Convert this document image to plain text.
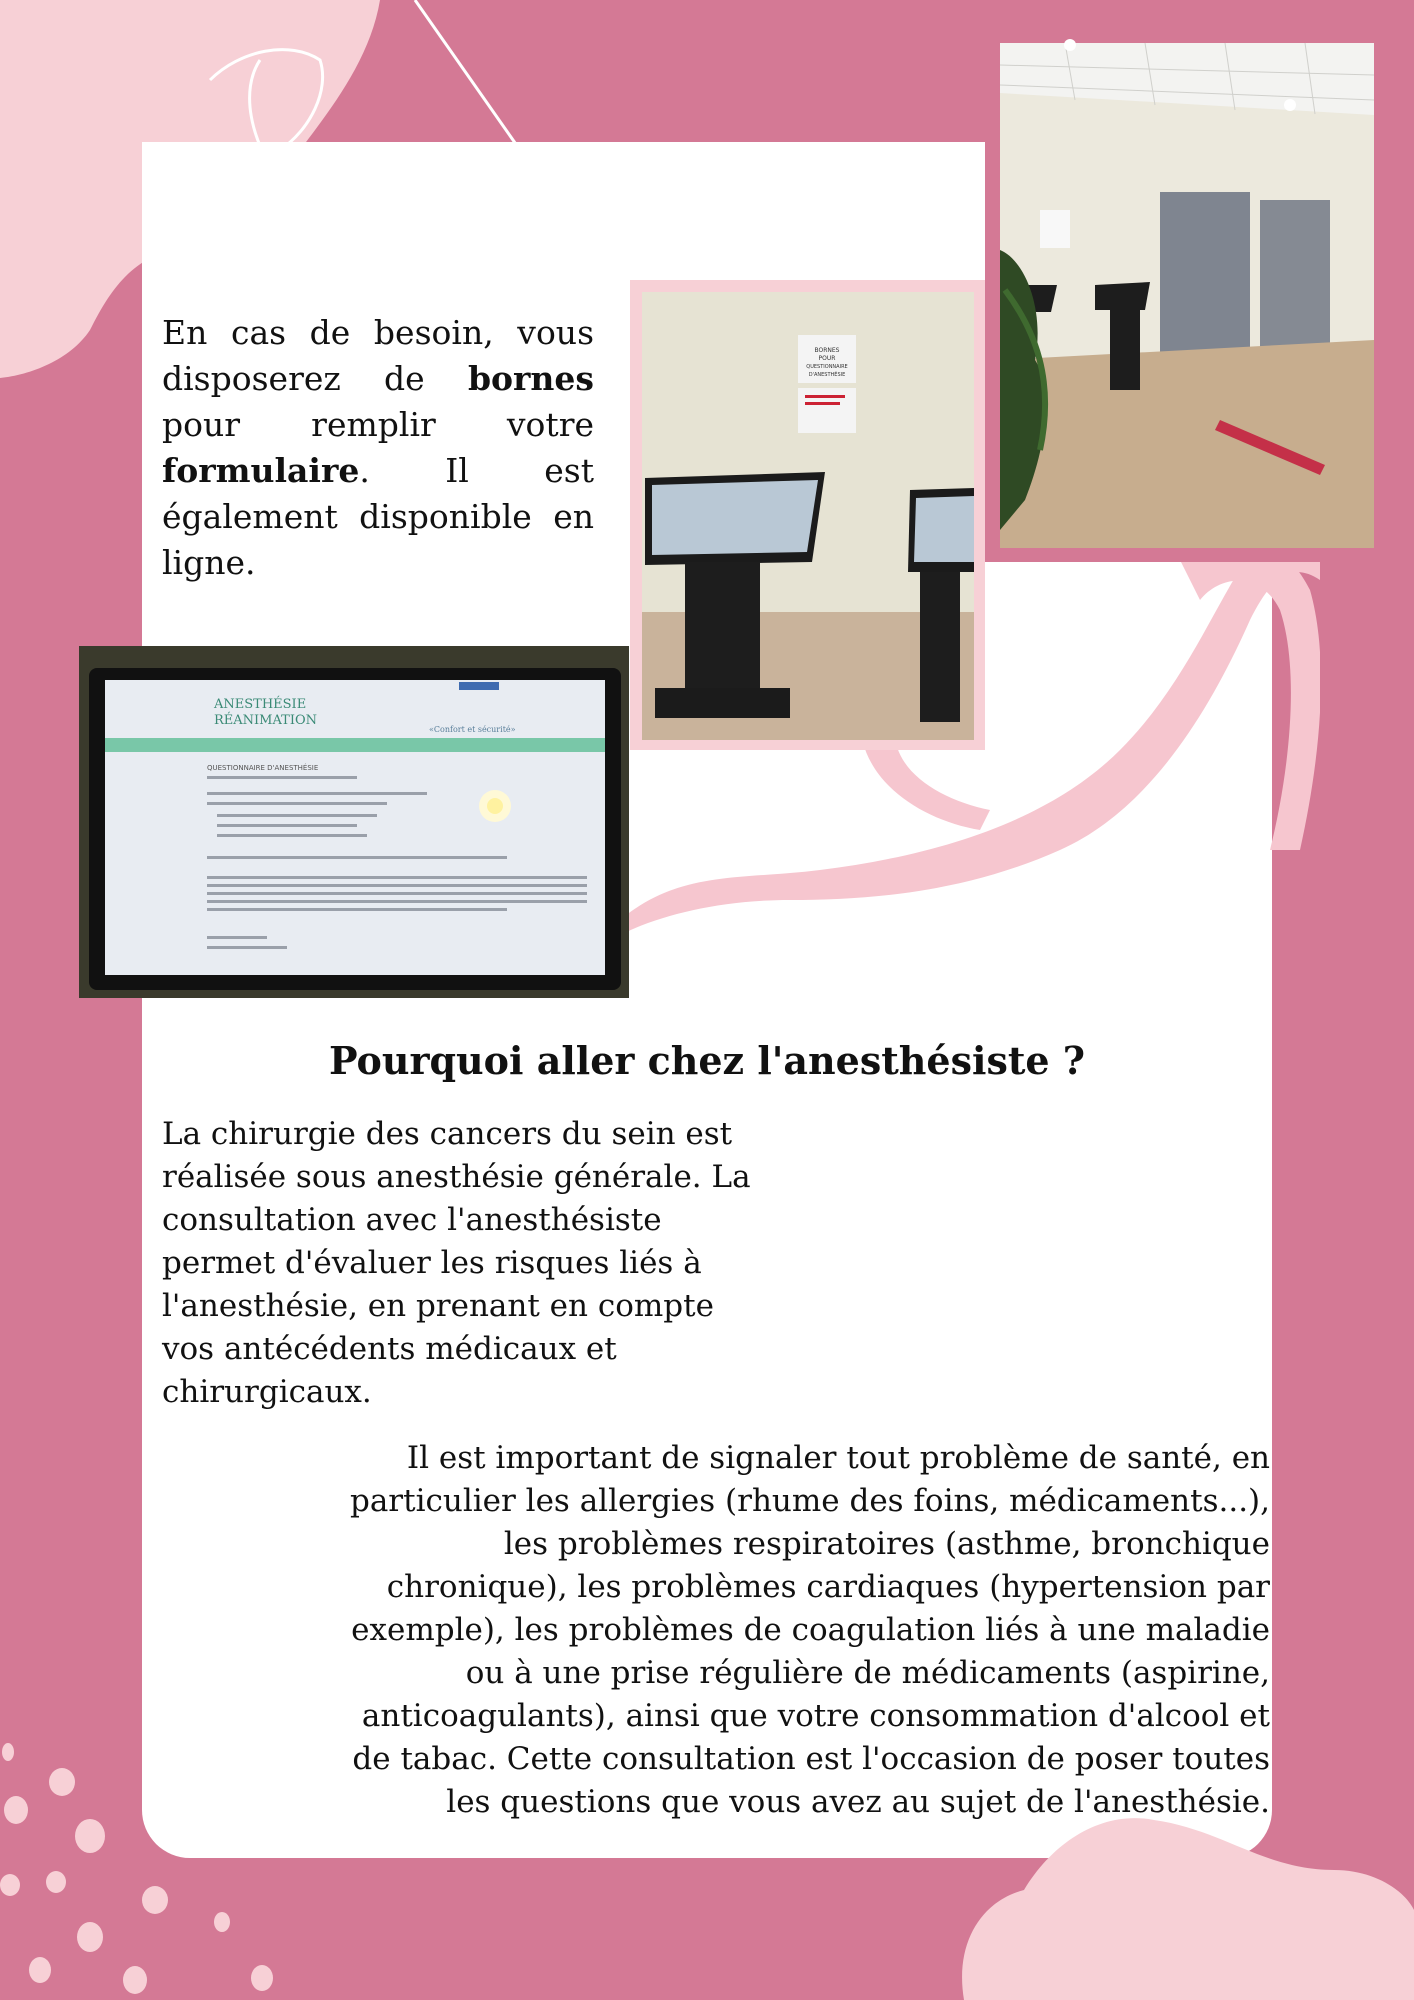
ANESTHÉSIE
RÉANIMATION
«Confort et sécurité»
QUESTIONNAIRE D'ANESTHÉSIE
BORNES
POUR
QUESTIONNAIRE
D'ANESTHÉSIE

En cas de besoin, vous disposerez de bornes pour remplir votre formulaire. Il est également disponible en ligne.

Pourquoi aller chez l'anesthésiste ?

La chirurgie des cancers du sein est réalisée sous anesthésie générale. La consultation avec l'anesthésiste permet d'évaluer les risques liés à l'anesthésie, en prenant en compte vos antécédents médicaux et chirurgicaux.

Il est important de signaler tout problème de santé, en particulier les allergies (rhume des foins, médicaments...), les problèmes respiratoires (asthme, bronchique chronique), les problèmes cardiaques (hypertension par exemple), les problèmes de coagulation liés à une maladie ou à une prise régulière de médicaments (aspirine, anticoagulants), ainsi que votre consommation d'alcool et de tabac. Cette consultation est l'occasion de poser toutes les questions que vous avez au sujet de l'anesthésie.
